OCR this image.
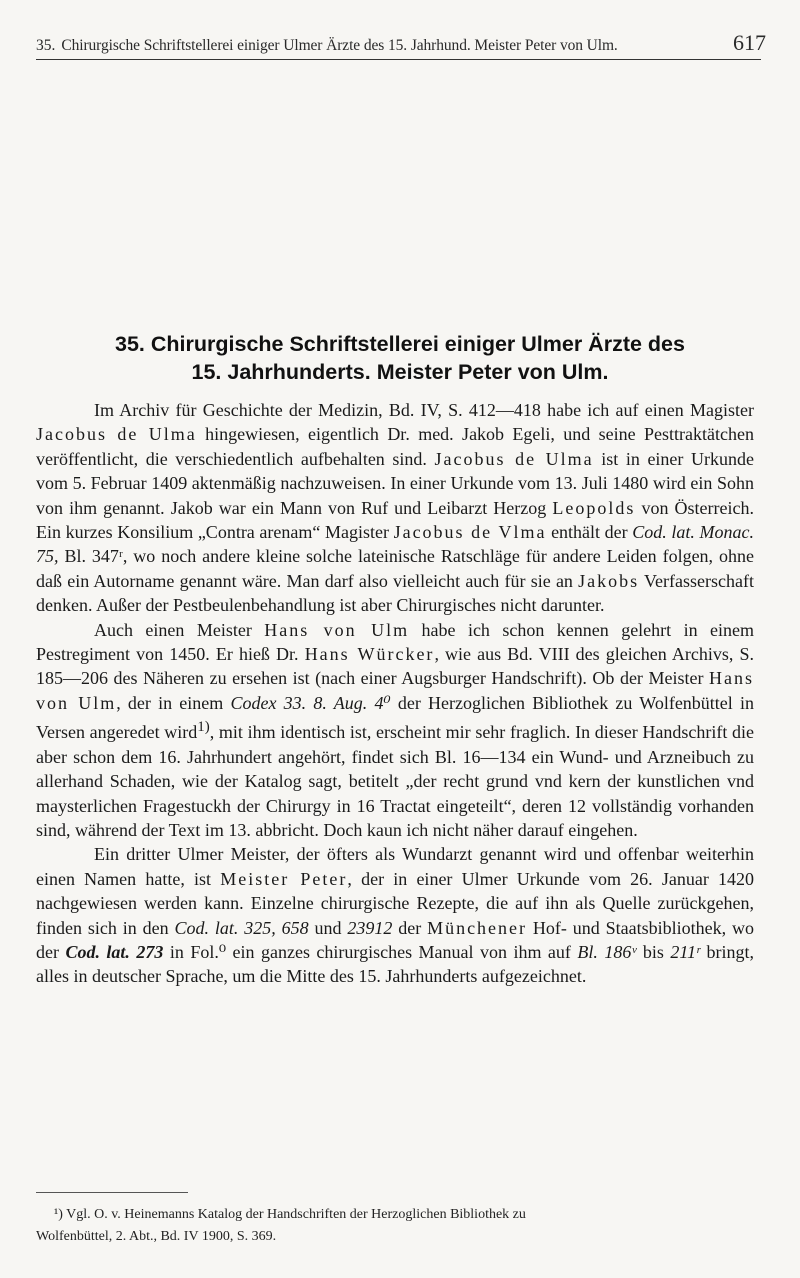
35. Chirurgische Schriftstellerei einiger Ulmer Ärzte des 15. Jahrhund. Meister Peter von Ulm.	617
35. Chirurgische Schriftstellerei einiger Ulmer Ärzte des
15. Jahrhunderts. Meister Peter von Ulm.

Im Archiv für Geschichte der Medizin, Bd. IV, S. 412—418 habe ich auf einen Magister Jacobus de Ulma hingewiesen, eigentlich Dr. med. Jakob Egeli, und seine Pesttraktätchen veröffentlicht, die verschiedentlich aufbehalten sind. Jacobus de Ulma ist in einer Urkunde vom 5. Februar 1409 aktenmäßig nachzuweisen. In einer Urkunde vom 13. Juli 1480 wird ein Sohn von ihm genannt. Jakob war ein Mann von Ruf und Leibarzt Herzog Leopolds von Österreich. Ein kurzes Konsilium „Contra arenam“ Magister Jacobus de Vlma enthält der Cod. lat. Monac. 75, Bl. 347ʳ, wo noch andere kleine solche lateinische Ratschläge für andere Leiden folgen, ohne daß ein Autorname genannt wäre. Man darf also vielleicht auch für sie an Jakobs Verfasserschaft denken. Außer der Pestbeulenbehandlung ist aber Chirurgisches nicht darunter.

Auch einen Meister Hans von Ulm habe ich schon kennen gelehrt in einem Pestregiment von 1450. Er hieß Dr. Hans Würcker, wie aus Bd. VIII des gleichen Archivs, S. 185—206 des Näheren zu ersehen ist (nach einer Augsburger Handschrift). Ob der Meister Hans von Ulm, der in einem Codex 33. 8. Aug. 4⁰ der Herzoglichen Bibliothek zu Wolfenbüttel in Versen angeredet wird$^{1)}$, mit ihm identisch ist, erscheint mir sehr fraglich. In dieser Handschrift die aber schon dem 16. Jahrhundert angehört, findet sich Bl. 16—134 ein Wund- und Arzneibuch zu allerhand Schaden, wie der Katalog sagt, betitelt „der recht grund vnd kern der kunstlichen vnd maysterlichen Fragestuckh der Chirurgy in 16 Tractat eingeteilt“, deren 12 vollständig vorhanden sind, während der Text im 13. abbricht. Doch kaun ich nicht näher darauf eingehen.

Ein dritter Ulmer Meister, der öfters als Wundarzt genannt wird und offenbar weiterhin einen Namen hatte, ist Meister Peter, der in einer Ulmer Urkunde vom 26. Januar 1420 nachgewiesen werden kann. Einzelne chirurgische Rezepte, die auf ihn als Quelle zurückgehen, finden sich in den Cod. lat. 325, 658 und 23912 der Münchener Hof- und Staatsbibliothek, wo der Cod. lat. 273 in Fol.⁰ ein ganzes chirurgisches Manual von ihm auf Bl. 186ᵛ bis 211ʳ bringt, alles in deutscher Sprache, um die Mitte des 15. Jahrhunderts aufgezeichnet.

¹) Vgl. O. v. Heinemanns Katalog der Handschriften der Herzoglichen Bibliothek zu
Wolfenbüttel, 2. Abt., Bd. IV 1900, S. 369.
